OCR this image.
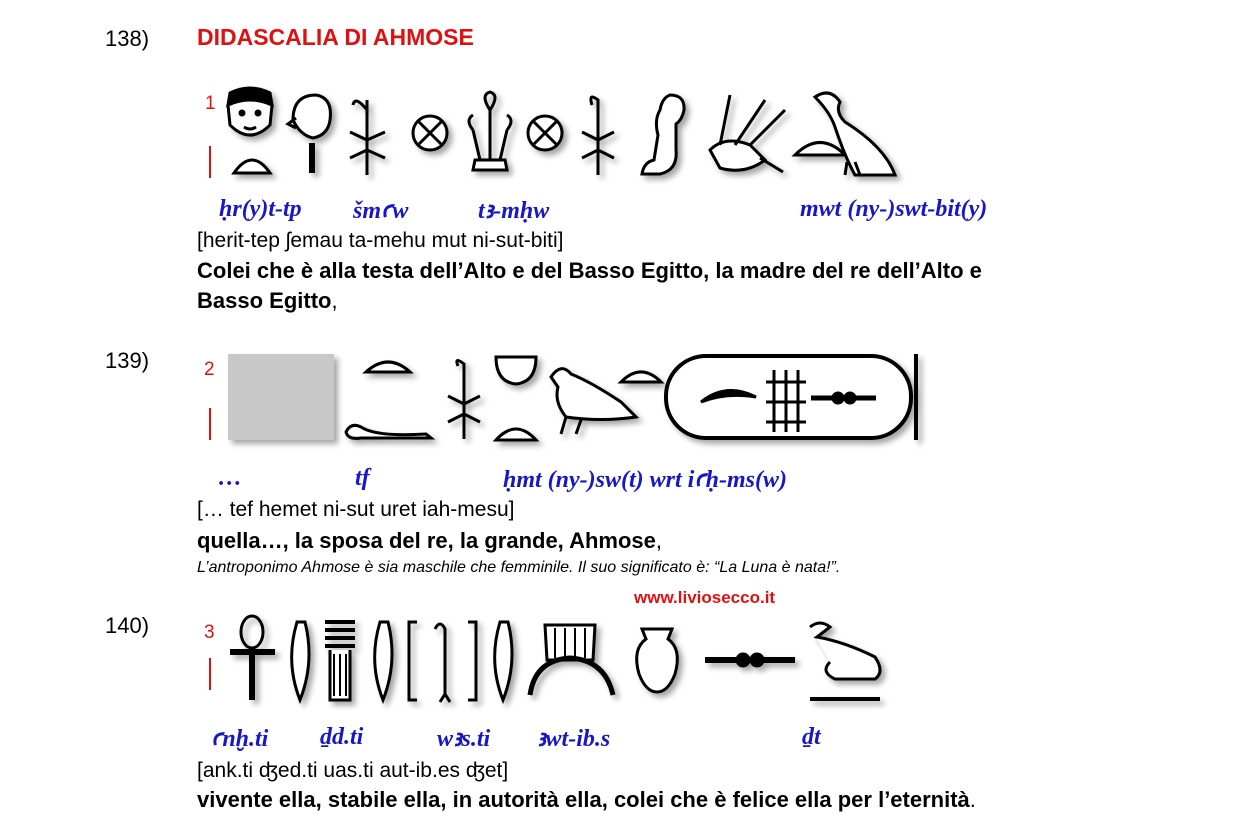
138) DIDASCALIA DI AHMOSE
1
ḥr(y)t-tp šmꜥw	tꜣ-mḥw	mwt (ny-)swt-bit(y)
[herit-tep ʃemau ta-mehu mut ni-sut-biti]
Colei che è alla testa dell’Alto e del Basso Egitto, la madre del re dell’Alto e
Basso Egitto,
139)	2
…	tf	ḥmt (ny-)sw(t) wrt iꜥḥ-ms(w)
[… tef hemet ni-sut uret iah-mesu]
quella…, la sposa del re, la grande, Ahmose,
L’antroponimo Ahmose è sia maschile che femminile. Il suo significato è: “La Luna è nata!”.
www.liviosecco.it
140)	3
ꜥnḫ.ti ḏd.ti	wꜣs.ti ꜣwt-ib.s	ḏt
[ank.ti ʤed.ti uas.ti aut-ib.es ʤet]
vivente ella, stabile ella, in autorità ella, colei che è felice ella per l’eternità.
